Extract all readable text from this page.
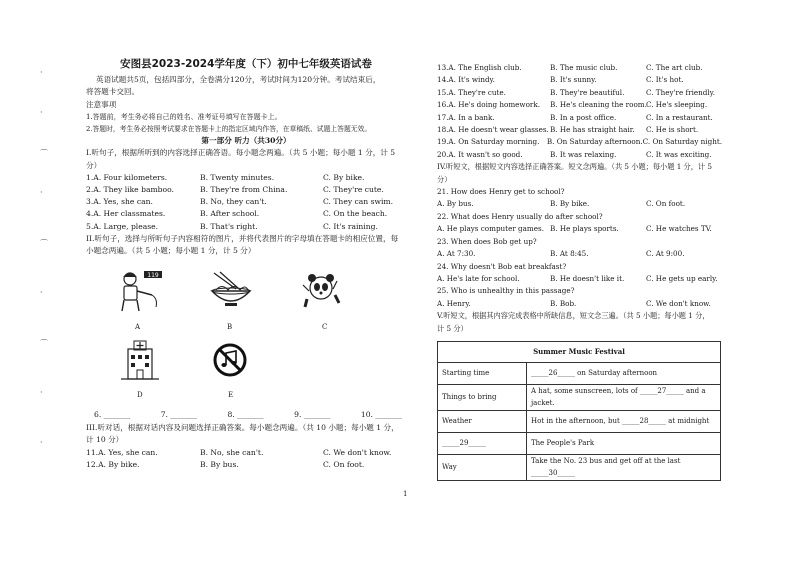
·
·
⌒
·
⌒
·
⌒
·
·
安图县2023-2024学年度（下）初中七年级英语试卷
英语试题共5页，包括四部分，全卷满分120分，考试时间为120分钟。考试结束后，
将答题卡交回。
注意事项
1.答题前，考生务必将自己的姓名、准考证号填写在答题卡上。
2.答题时，考生务必按照考试要求在答题卡上的指定区域内作答，在草稿纸、试题上答题无效。
第一部分 听力（共30分）
I.听句子，根据所听到的内容选择正确答语。每小题念两遍。（共 5 小题；每小题 1 分，计 5
分）
1.A. Four kilometers.	B. Twenty minutes.	C. By bike.
2.A. They like bamboo.	B. They're from China.	C. They're cute.
3.A. Yes, she can.	B. No, they can't.	C. They can swim.
4.A. Her classmates.	B. After school.	C. On the beach.
5.A. Large, please.	B. That's right.	C. It's raining.
II.听句子，选择与所听句子内容相符的图片，并将代表图片的字母填在答题卡的相应位置，每
小题念两遍。（共 5 小题；每小题 1 分，计 5 分）
119
A	B	C
D	E
6. _______	7. _______	8. _______	9. _______	10. _______
III.听对话，根据对话内容及问题选择正确答案。每小题念两遍。（共 10 小题；每小题 1 分，
计 10 分）
11.A. Yes, she can.	B. No, she can't.	C. We don't know.
12.A. By bike.	B. By bus.	C. On foot.
13.A. The English club.	B. The music club.	C. The art club.
14.A. It's windy.	B. It's sunny.	C. It's hot.
15.A. They're cute.	B. They're beautiful.	C. They're friendly.
16.A. He's doing homework.	B. He's cleaning the room. C. He's sleeping.
17.A. In a bank.	B. In a post office.	C. In a restaurant.
18.A. He doesn't wear glasses. B. He has straight hair.	C. He is short.
19.A. On Saturday morning.	B. On Saturday afternoon. C. On Saturday night.
20.A. It wasn't so good.	B. It was relaxing.	C. It was exciting.
IV.听短文，根据短文内容选择正确答案。短文念两遍。（共 5 小题；每小题 1 分，计 5
分）
21. How does Henry get to school?
A. By bus.	B. By bike.	C. On foot.
22. What does Henry usually do after school?
A. He plays computer games. B. He plays sports.	C. He watches TV.
23. When does Bob get up?
A. At 7:30.	B. At 8:45.	C. At 9:00.
24. Why doesn't Bob eat breakfast?
A. He's late for school.	B. He doesn't like it.	C. He gets up early.
25. Who is unhealthy in this passage?
A. Henry.	B. Bob.	C. We don't know.
V.听短文，根据其内容完成表格中所缺信息，短文念三遍。（共 5 小题；每小题 1 分，
计 5 分）
Summer Music Festival	
Starting time	_____26_____ on Saturday afternoon
Things to bring	A hat, some sunscreen, lots of _____27_____ and a jacket.
Weather	Hot in the afternoon, but _____28_____ at midnight
_____29_____	The People's Park
Way	Take the No. 23 bus and get off at the last _____30_____
1
